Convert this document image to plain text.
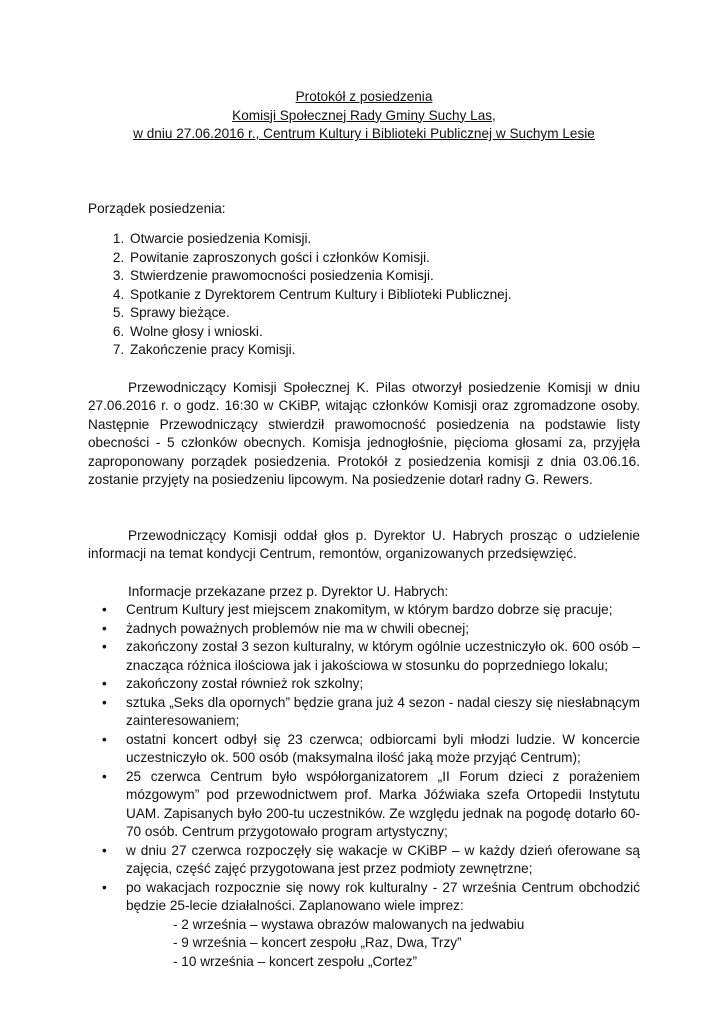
Protokół z posiedzenia
Komisji Społecznej Rady Gminy Suchy Las,
w dniu 27.06.2016 r., Centrum Kultury i Biblioteki Publicznej w Suchym Lesie
Porządek posiedzenia:
1. Otwarcie posiedzenia Komisji.
2. Powitanie zaproszonych gości i członków Komisji.
3. Stwierdzenie prawomocności posiedzenia Komisji.
4. Spotkanie z Dyrektorem Centrum Kultury i Biblioteki Publicznej.
5. Sprawy bieżące.
6. Wolne głosy i wnioski.
7. Zakończenie pracy Komisji.

Przewodniczący Komisji Społecznej K. Pilas otworzył posiedzenie Komisji w dniu 27.06.2016 r. o godz. 16:30 w CKiBP, witając członków Komisji oraz zgromadzone osoby. Następnie Przewodniczący stwierdził prawomocność posiedzenia na podstawie listy obecności - 5 członków obecnych. Komisja jednogłośnie, pięcioma głosami za, przyjęła zaproponowany porządek posiedzenia. Protokół z posiedzenia komisji z dnia 03.06.16. zostanie przyjęty na posiedzeniu lipcowym. Na posiedzenie dotarł radny G. Rewers.

Przewodniczący Komisji oddał głos p. Dyrektor U. Habrych prosząc o udzielenie informacji na temat kondycji Centrum, remontów, organizowanych przedsięwzięć.

Informacje przekazane przez p. Dyrektor U. Habrych:
• Centrum Kultury jest miejscem znakomitym, w którym bardzo dobrze się pracuje;
• żadnych poważnych problemów nie ma w chwili obecnej;
• zakończony został 3 sezon kulturalny, w którym ogólnie uczestniczyło ok. 600 osób – znacząca różnica ilościowa jak i jakościowa w stosunku do poprzedniego lokalu;
• zakończony został również rok szkolny;
• sztuka „Seks dla opornych” będzie grana już 4 sezon - nadal cieszy się niesłabnącym zainteresowaniem;
• ostatni koncert odbył się 23 czerwca; odbiorcami byli młodzi ludzie. W koncercie uczestniczyło ok. 500 osób (maksymalna ilość jaką może przyjąć Centrum);
• 25 czerwca Centrum było współorganizatorem „II Forum dzieci z porażeniem mózgowym” pod przewodnictwem prof. Marka Jóźwiaka szefa Ortopedii Instytutu UAM. Zapisanych było 200-tu uczestników. Ze względu jednak na pogodę dotarło 60-70 osób. Centrum przygotowało program artystyczny;
• w dniu 27 czerwca rozpoczęły się wakacje w CKiBP – w każdy dzień oferowane są zajęcia, część zajęć przygotowana jest przez podmioty zewnętrzne;
• po wakacjach rozpocznie się nowy rok kulturalny - 27 września Centrum obchodzić będzie 25-lecie działalności. Zaplanowano wiele imprez:
- 2 września – wystawa obrazów malowanych na jedwabiu
- 9 września – koncert zespołu „Raz, Dwa, Trzy”
- 10 września – koncert zespołu „Cortez”
